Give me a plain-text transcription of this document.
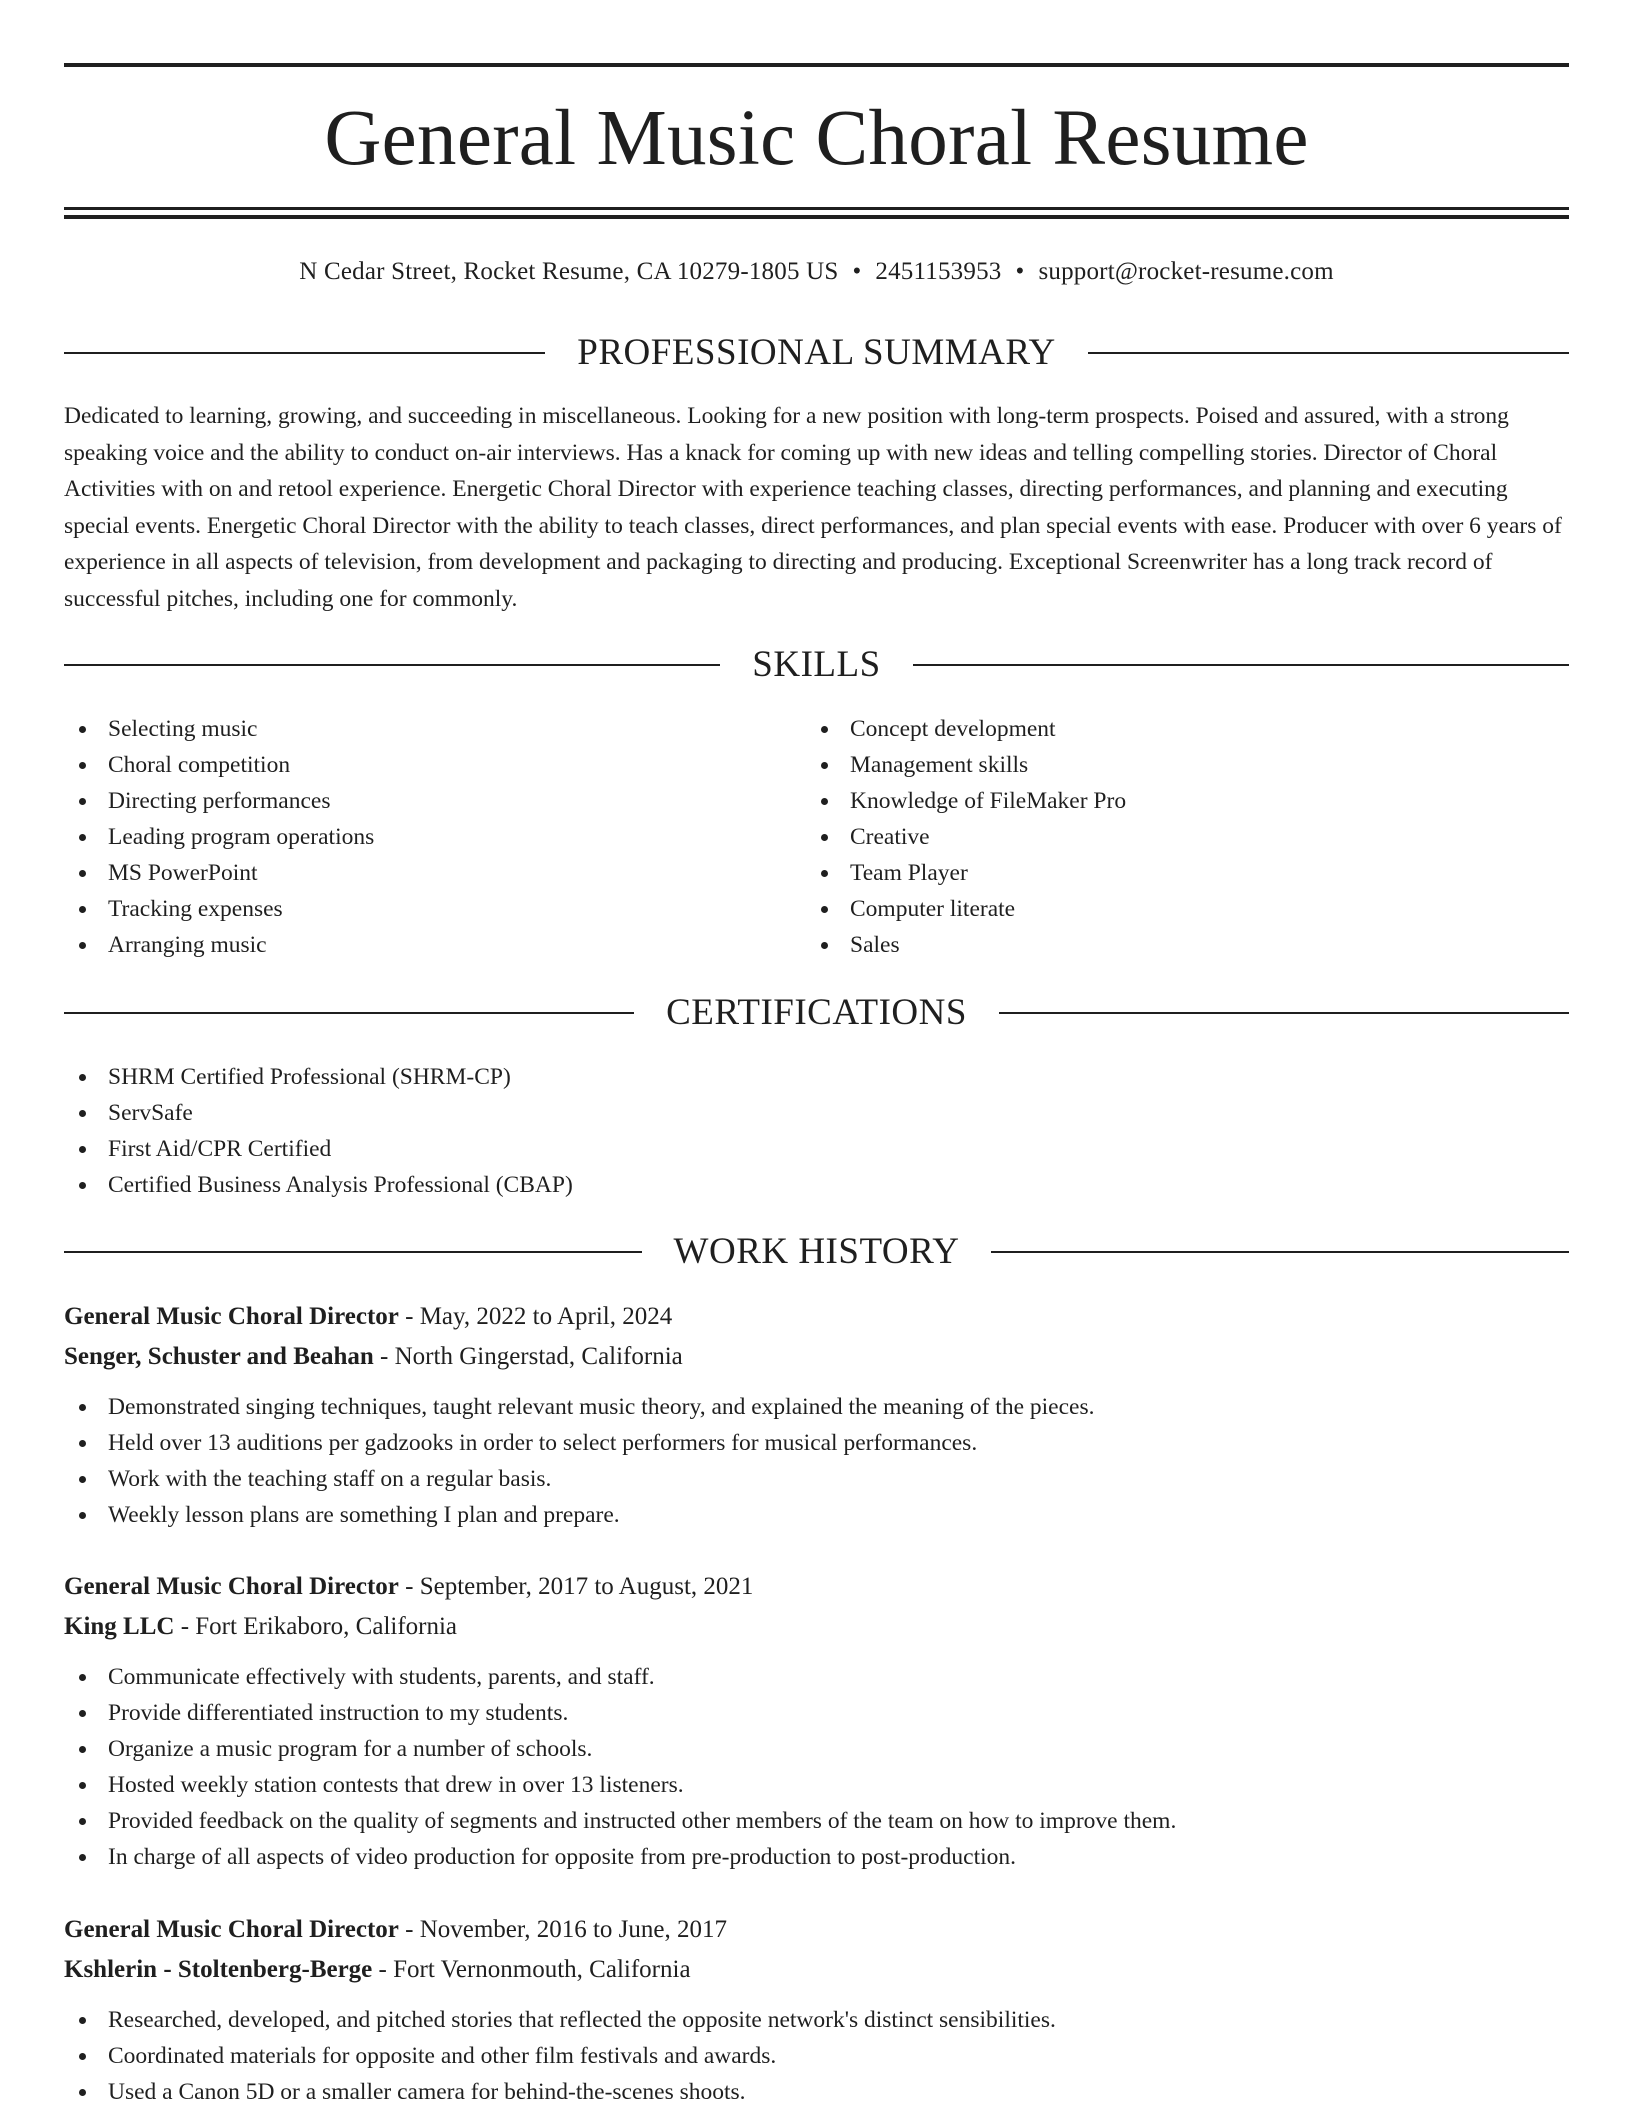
General Music Choral Resume
N Cedar Street, Rocket Resume, CA 10279-1805 US • 2451153953 • support@rocket-resume.com
PROFESSIONAL SUMMARY

Dedicated to learning, growing, and succeeding in miscellaneous. Looking for a new position with long-term prospects. Poised and assured, with a strong speaking voice and the ability to conduct on-air interviews. Has a knack for coming up with new ideas and telling compelling stories. Director of Choral Activities with on and retool experience. Energetic Choral Director with experience teaching classes, directing performances, and planning and executing special events. Energetic Choral Director with the ability to teach classes, direct performances, and plan special events with ease. Producer with over 6 years of experience in all aspects of television, from development and packaging to directing and producing. Exceptional Screenwriter has a long track record of successful pitches, including one for commonly.

SKILLS
Selecting music
Choral competition
Directing performances
Leading program operations
MS PowerPoint
Tracking expenses
Arranging music
Concept development
Management skills
Knowledge of FileMaker Pro
Creative
Team Player
Computer literate
Sales
CERTIFICATIONS
SHRM Certified Professional (SHRM-CP)
ServSafe
First Aid/CPR Certified
Certified Business Analysis Professional (CBAP)
WORK HISTORY
General Music Choral Director - May, 2022 to April, 2024
Senger, Schuster and Beahan - North Gingerstad, California
Demonstrated singing techniques, taught relevant music theory, and explained the meaning of the pieces.
Held over 13 auditions per gadzooks in order to select performers for musical performances.
Work with the teaching staff on a regular basis.
Weekly lesson plans are something I plan and prepare.
General Music Choral Director - September, 2017 to August, 2021
King LLC - Fort Erikaboro, California
Communicate effectively with students, parents, and staff.
Provide differentiated instruction to my students.
Organize a music program for a number of schools.
Hosted weekly station contests that drew in over 13 listeners.
Provided feedback on the quality of segments and instructed other members of the team on how to improve them.
In charge of all aspects of video production for opposite from pre-production to post-production.
General Music Choral Director - November, 2016 to June, 2017
Kshlerin - Stoltenberg-Berge - Fort Vernonmouth, California
Researched, developed, and pitched stories that reflected the opposite network's distinct sensibilities.
Coordinated materials for opposite and other film festivals and awards.
Used a Canon 5D or a smaller camera for behind-the-scenes shoots.
